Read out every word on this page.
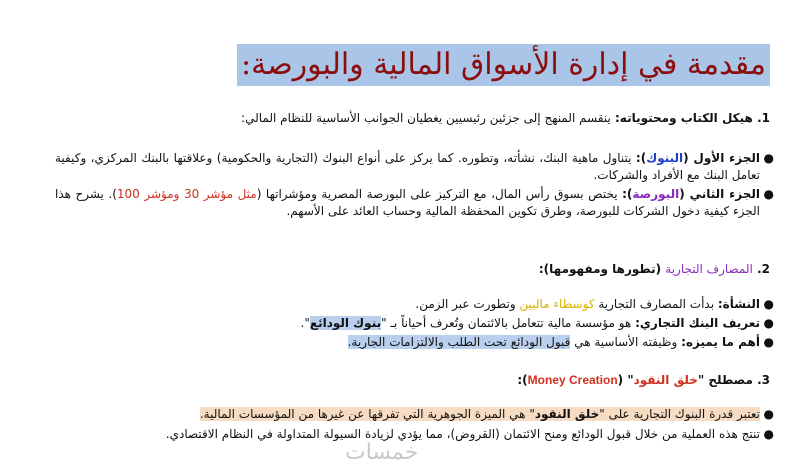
مقدمة في إدارة الأسواق المالية والبورصة:
1. هيكل الكتاب ومحتوياته: ينقسم المنهج إلى جزئين رئيسيين يغطيان الجوانب الأساسية للنظام المالي:
●
الجزء الأول (البنوك): يتناول ماهية البنك، نشأته، وتطوره. كما يركز على أنواع البنوك (التجارية والحكومية) وعلاقتها بالبنك المركزي، وكيفية تعامل البنك مع الأفراد والشركات.
●
الجزء الثاني (البورصة): يختص بسوق رأس المال، مع التركيز على البورصة المصرية ومؤشراتها (مثل مؤشر 30 ومؤشر 100). يشرح هذا الجزء كيفية دخول الشركات للبورصة، وطرق تكوين المحفظة المالية وحساب العائد على الأسهم.
2. المصارف التجارية (تطورها ومفهومها):
●
النشأة: بدأت المصارف التجارية كوسطاء ماليين وتطورت عبر الزمن.
●
تعريف البنك التجاري: هو مؤسسة مالية تتعامل بالائتمان وتُعرف أحياناً بـ "بنوك الودائع".
●
أهم ما يميزه: وظيفته الأساسية هي قبول الودائع تحت الطلب والالتزامات الجارية.
3. مصطلح "خلق النقود" (Money Creation):
●
تعتبر قدرة البنوك التجارية على "خلق النقود" هي الميزة الجوهرية التي تفرقها عن غيرها من المؤسسات المالية.
●
تنتج هذه العملية من خلال قبول الودائع ومنح الائتمان (القروض)، مما يؤدي لزيادة السيولة المتداولة في النظام الاقتصادي.
خمسات
